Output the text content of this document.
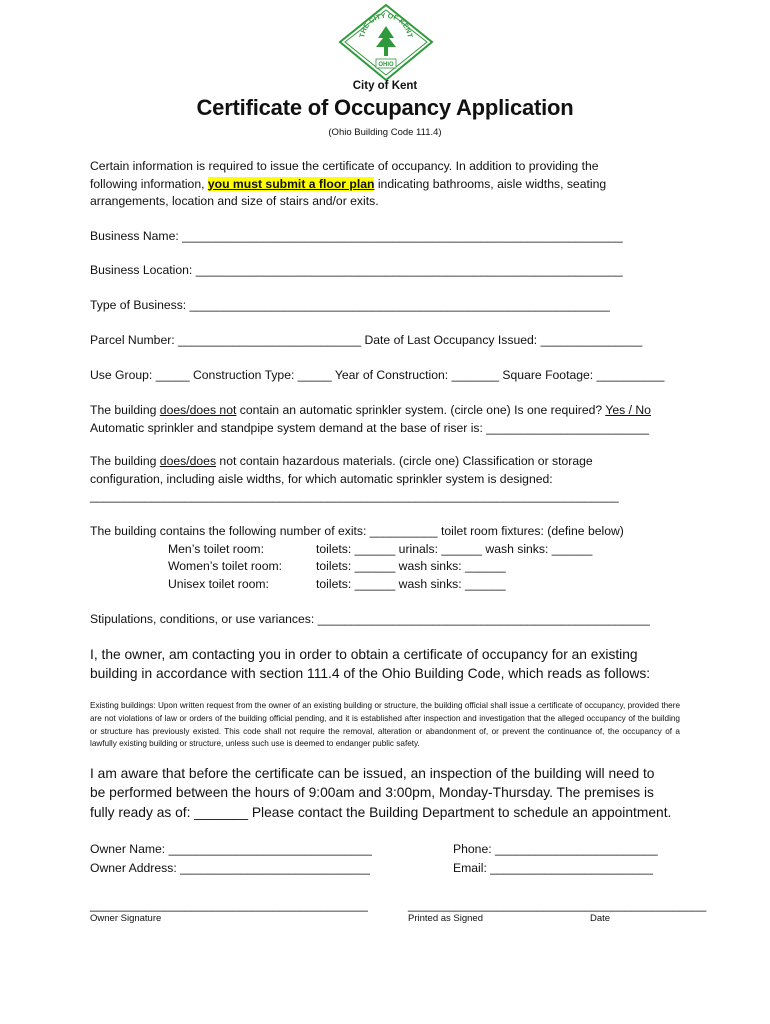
THE CITY OF KENT
OHIO
City of Kent
Certificate of Occupancy Application
(Ohio Building Code 111.4)
Certain information is required to issue the certificate of occupancy. In addition to providing the
following information, you must submit a floor plan indicating bathrooms, aisle widths, seating
arrangements, location and size of stairs and/or exits.
Business Name: _________________________________________________________________
Business Location: _______________________________________________________________
Type of Business: ______________________________________________________________
Parcel Number: ___________________________ Date of Last Occupancy Issued: _______________
Use Group: _____ Construction Type: _____ Year of Construction: _______ Square Footage: __________
The building does/does not contain an automatic sprinkler system. (circle one) Is one required? Yes / No
Automatic sprinkler and standpipe system demand at the base of riser is: ________________________
The building does/does not contain hazardous materials. (circle one) Classification or storage
configuration, including aisle widths, for which automatic sprinkler system is designed:
______________________________________________________________________________
The building contains the following number of exits: __________ toilet room fixtures: (define below)
Men’s toilet room:	toilets: ______ urinals: ______ wash sinks: ______
Women’s toilet room:	toilets: ______ wash sinks: ______
Unisex toilet room:	toilets: ______ wash sinks: ______
Stipulations, conditions, or use variances: _________________________________________________
I, the owner, am contacting you in order to obtain a certificate of occupancy for an existing
building in accordance with section 111.4 of the Ohio Building Code, which reads as follows:
Existing buildings: Upon written request from the owner of an existing building or structure, the building official shall issue a certificate of occupancy, provided there are not violations of law or orders of the building official pending, and it is established after inspection and investigation that the alleged occupancy of the building or structure has previously existed. This code shall not require the removal, alteration or abandonment of, or prevent the continuance of, the occupancy of a lawfully existing building or structure, unless such use is deemed to endanger public safety.
I am aware that before the certificate can be issued, an inspection of the building will need to
be performed between the hours of 9:00am and 3:00pm, Monday-Thursday. The premises is
fully ready as of: _______ Please contact the Building Department to schedule an appointment.
Owner Name: ______________________________
Owner Address: ____________________________
Phone: ________________________
Email: ________________________
_________________________________________	____________________________________________
Owner Signature	Printed as Signed	Date
